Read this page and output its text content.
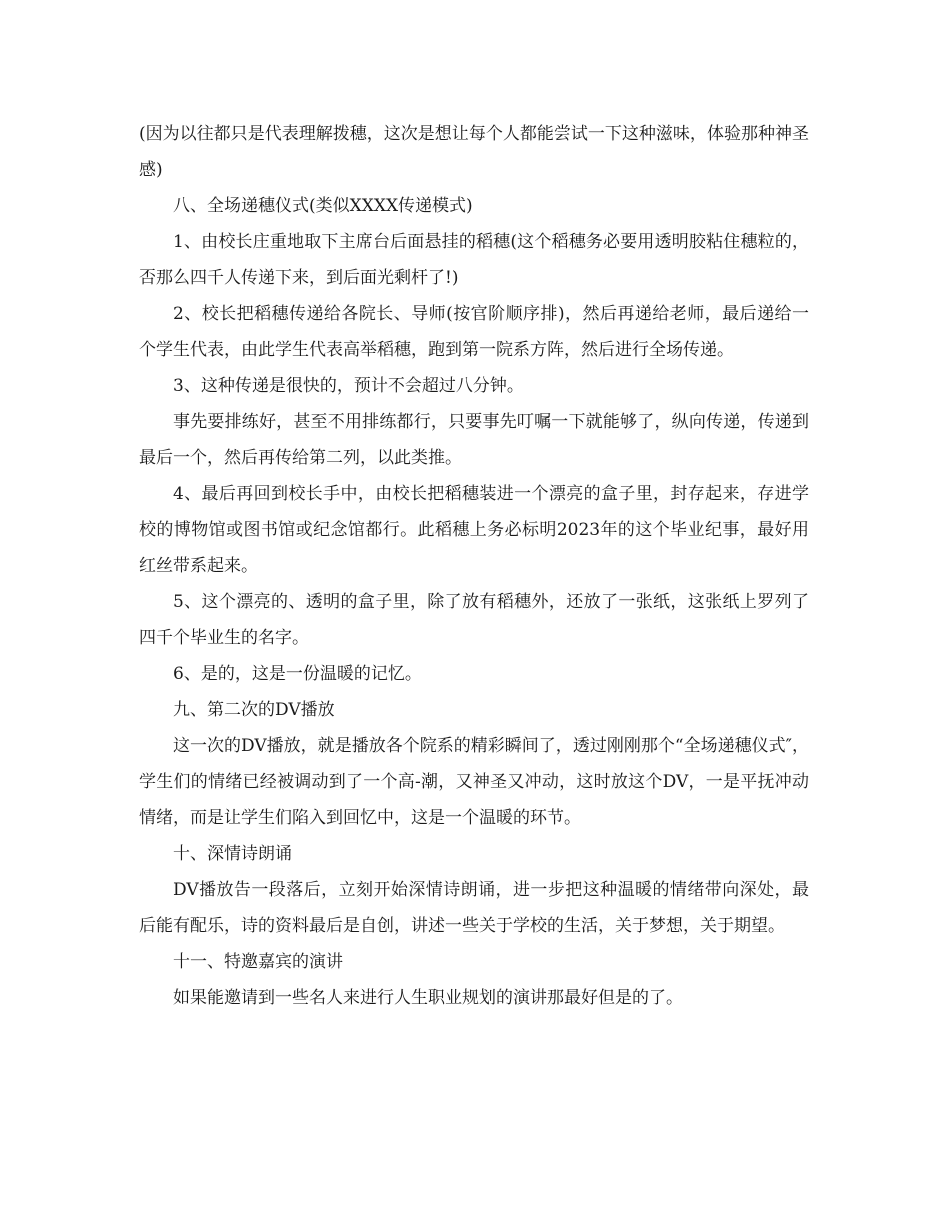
(因为以往都只是代表理解拨穗，这次是想让每个人都能尝试一下这种滋味，体验那种神圣感)

八、全场递穗仪式(类似XXXX传递模式)

1、由校长庄重地取下主席台后面悬挂的稻穗(这个稻穗务必要用透明胶粘住穗粒的，否那么四千人传递下来，到后面光剩杆了!)

2、校长把稻穗传递给各院长、导师(按官阶顺序排)，然后再递给老师，最后递给一个学生代表，由此学生代表高举稻穗，跑到第一院系方阵，然后进行全场传递。

3、这种传递是很快的，预计不会超过八分钟。

事先要排练好，甚至不用排练都行，只要事先叮嘱一下就能够了，纵向传递，传递到最后一个，然后再传给第二列，以此类推。

4、最后再回到校长手中，由校长把稻穗装进一个漂亮的盒子里，封存起来，存进学校的博物馆或图书馆或纪念馆都行。此稻穗上务必标明2023年的这个毕业纪事，最好用红丝带系起来。

5、这个漂亮的、透明的盒子里，除了放有稻穗外，还放了一张纸，这张纸上罗列了四千个毕业生的名字。

6、是的，这是一份温暖的记忆。

九、第二次的DV播放

这一次的DV播放，就是播放各个院系的精彩瞬间了，透过刚刚那个“全场递穗仪式″，学生们的情绪已经被调动到了一个高-潮，又神圣又冲动，这时放这个DV，一是平抚冲动情绪，而是让学生们陷入到回忆中，这是一个温暖的环节。

十、深情诗朗诵

DV播放告一段落后，立刻开始深情诗朗诵，进一步把这种温暖的情绪带向深处，最后能有配乐，诗的资料最后是自创，讲述一些关于学校的生活，关于梦想，关于期望。

十一、特邀嘉宾的演讲

如果能邀请到一些名人来进行人生职业规划的演讲那最好但是的了。
